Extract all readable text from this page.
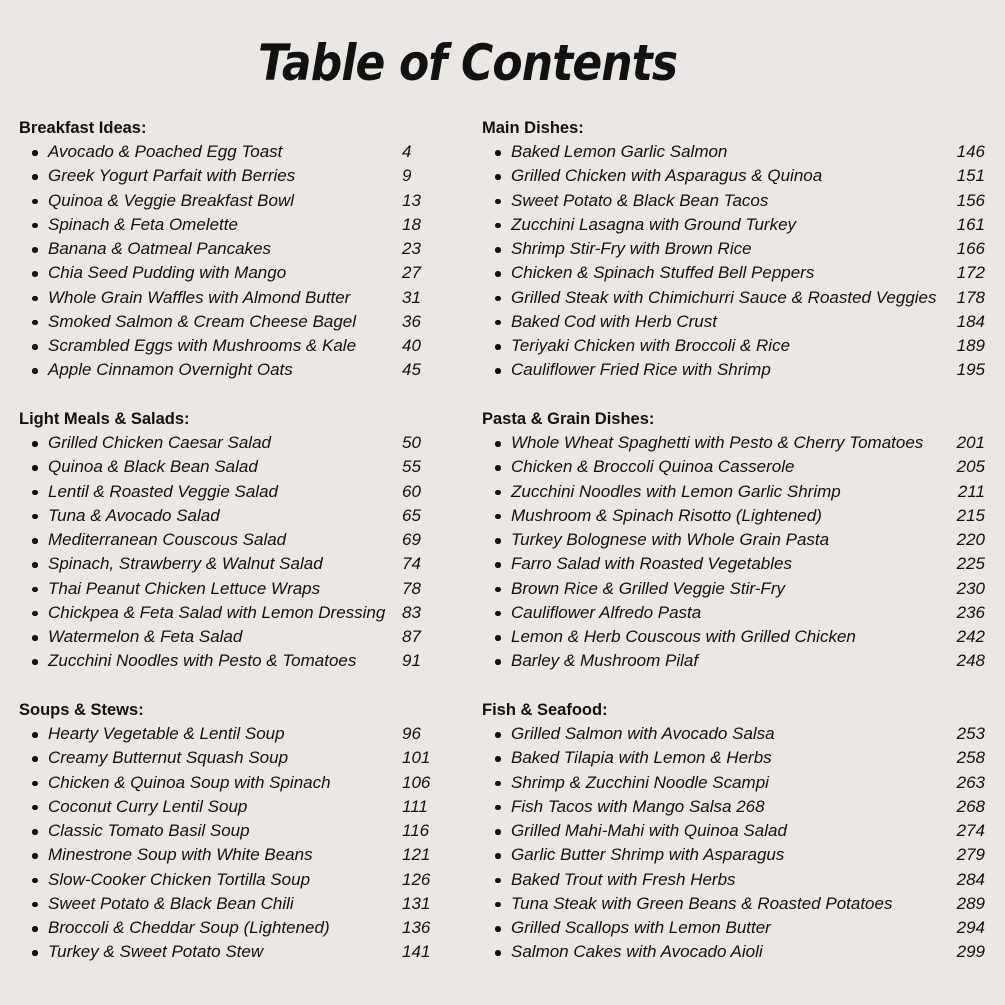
Table of Contents
Breakfast Ideas:
Avocado & Poached Egg Toast	4
Greek Yogurt Parfait with Berries	9
Quinoa & Veggie Breakfast Bowl	13
Spinach & Feta Omelette	18
Banana & Oatmeal Pancakes	23
Chia Seed Pudding with Mango	27
Whole Grain Waffles with Almond Butter	31
Smoked Salmon & Cream Cheese Bagel	36
Scrambled Eggs with Mushrooms & Kale	40
Apple Cinnamon Overnight Oats	45
Light Meals & Salads:
Grilled Chicken Caesar Salad	50
Quinoa & Black Bean Salad	55
Lentil & Roasted Veggie Salad	60
Tuna & Avocado Salad	65
Mediterranean Couscous Salad	69
Spinach, Strawberry & Walnut Salad	74
Thai Peanut Chicken Lettuce Wraps	78
Chickpea & Feta Salad with Lemon Dressing 83
Watermelon & Feta Salad	87
Zucchini Noodles with Pesto & Tomatoes	91
Soups & Stews:
Hearty Vegetable & Lentil Soup	96
Creamy Butternut Squash Soup	101
Chicken & Quinoa Soup with Spinach	106
Coconut Curry Lentil Soup	111
Classic Tomato Basil Soup	116
Minestrone Soup with White Beans	121
Slow-Cooker Chicken Tortilla Soup	126
Sweet Potato & Black Bean Chili	131
Broccoli & Cheddar Soup (Lightened)	136
Turkey & Sweet Potato Stew	141
Main Dishes:
Baked Lemon Garlic Salmon	146
Grilled Chicken with Asparagus & Quinoa	151
Sweet Potato & Black Bean Tacos	156
Zucchini Lasagna with Ground Turkey	161
Shrimp Stir-Fry with Brown Rice	166
Chicken & Spinach Stuffed Bell Peppers	172
Grilled Steak with Chimichurri Sauce & Roasted Veggies 178
Baked Cod with Herb Crust	184
Teriyaki Chicken with Broccoli & Rice	189
Cauliflower Fried Rice with Shrimp	195
Pasta & Grain Dishes:
Whole Wheat Spaghetti with Pesto & Cherry Tomatoes 201
Chicken & Broccoli Quinoa Casserole	205
Zucchini Noodles with Lemon Garlic Shrimp	211
Mushroom & Spinach Risotto (Lightened)	215
Turkey Bolognese with Whole Grain Pasta	220
Farro Salad with Roasted Vegetables	225
Brown Rice & Grilled Veggie Stir-Fry	230
Cauliflower Alfredo Pasta	236
Lemon & Herb Couscous with Grilled Chicken	242
Barley & Mushroom Pilaf	248
Fish & Seafood:
Grilled Salmon with Avocado Salsa	253
Baked Tilapia with Lemon & Herbs	258
Shrimp & Zucchini Noodle Scampi	263
Fish Tacos with Mango Salsa 268	268
Grilled Mahi-Mahi with Quinoa Salad	274
Garlic Butter Shrimp with Asparagus	279
Baked Trout with Fresh Herbs	284
Tuna Steak with Green Beans & Roasted Potatoes	289
Grilled Scallops with Lemon Butter	294
Salmon Cakes with Avocado Aioli	299
